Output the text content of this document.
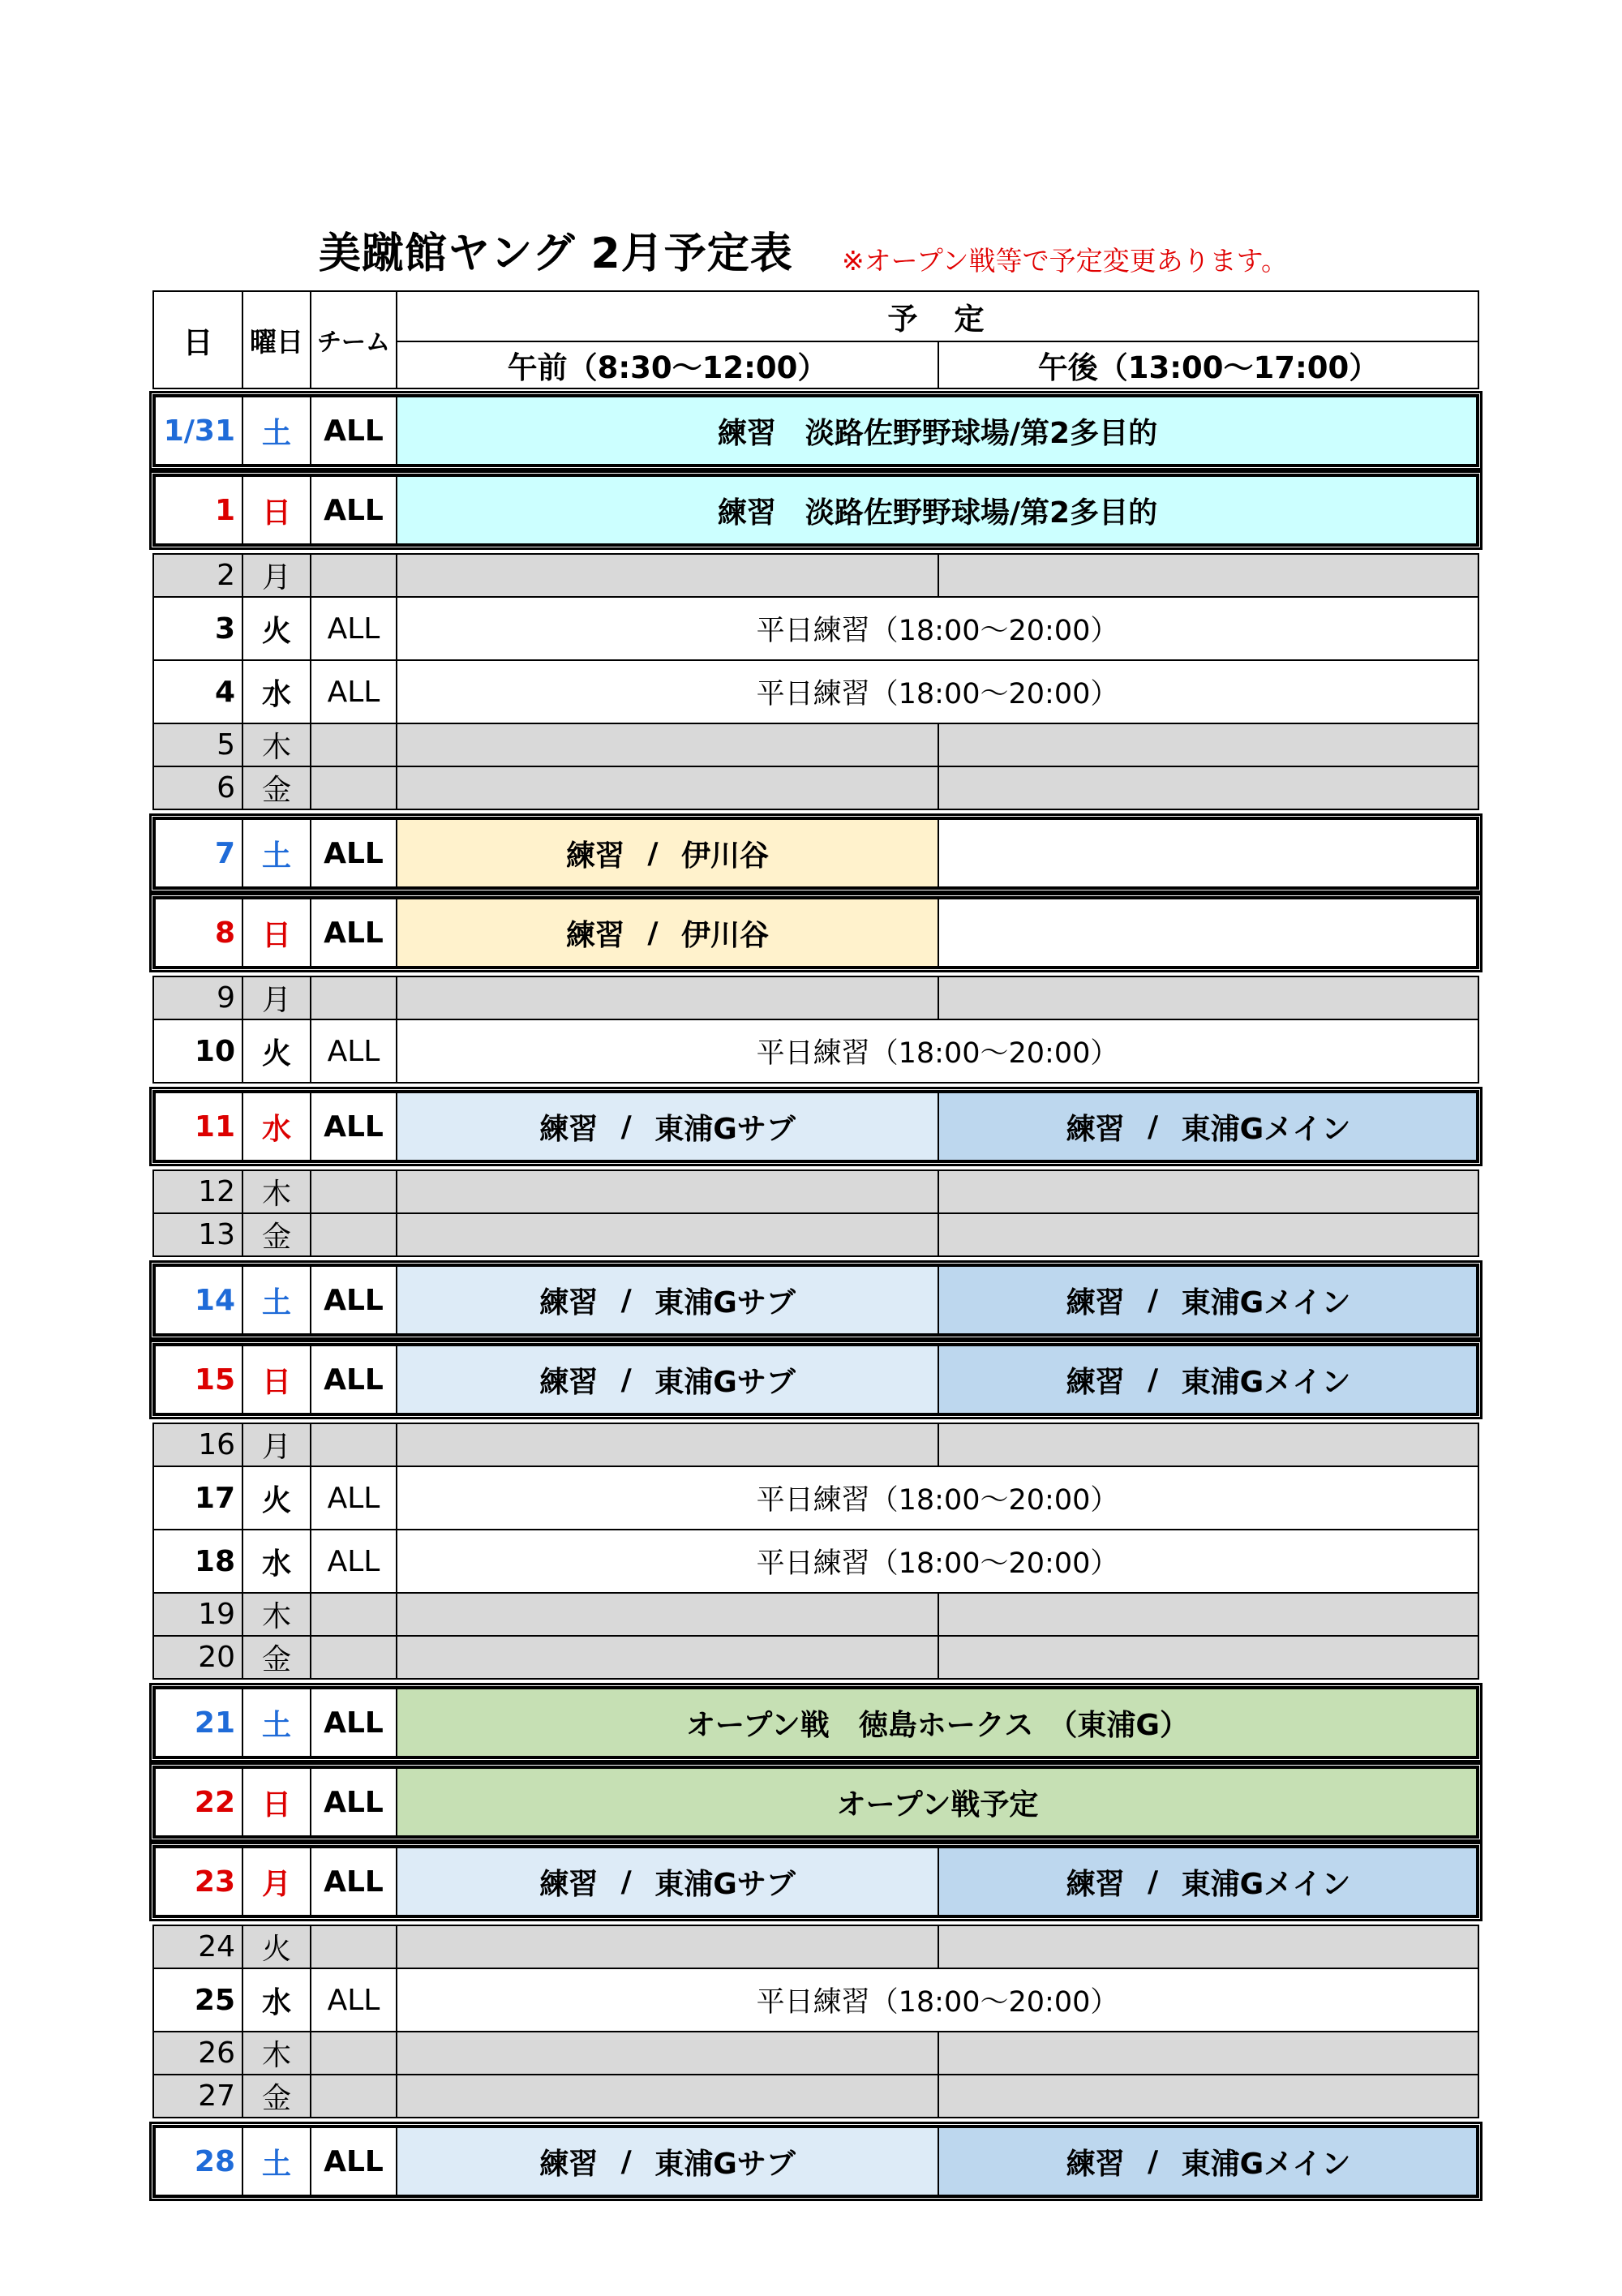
美蹴館ヤング 2月予定表 ※オープン戦等で予定変更あります。
日	曜日 チーム
予　定
午前（8:30～12:00）	午後（13:00～17:00）
1/31 土	ALL	練習　淡路佐野野球場/第2多目的
1 日	ALL	練習　淡路佐野野球場/第2多目的
2 月
3 火	ALL	平日練習（18:00～20:00）
4 水	ALL	平日練習（18:00～20:00）
5 木
6 金
7 土	ALL	練習 / 伊川谷
8 日	ALL	練習 / 伊川谷
9 月
10 火	ALL	平日練習（18:00～20:00）
11 水	ALL	練習 / 東浦Gサブ	練習 / 東浦Gメイン
12 木
13 金
14 土	ALL	練習 / 東浦Gサブ	練習 / 東浦Gメイン
15 日	ALL	練習 / 東浦Gサブ	練習 / 東浦Gメイン
16 月
17 火	ALL	平日練習（18:00～20:00）
18 水	ALL	平日練習（18:00～20:00）
19 木
20 金
21 土	ALL	オープン戦　徳島ホークス　（東浦G）
22 日	ALL	オープン戦予定
23 月	ALL	練習 / 東浦Gサブ	練習 / 東浦Gメイン
24 火
25 水	ALL	平日練習（18:00～20:00）
26 木
27 金
28 土	ALL	練習 / 東浦Gサブ	練習 / 東浦Gメイン
